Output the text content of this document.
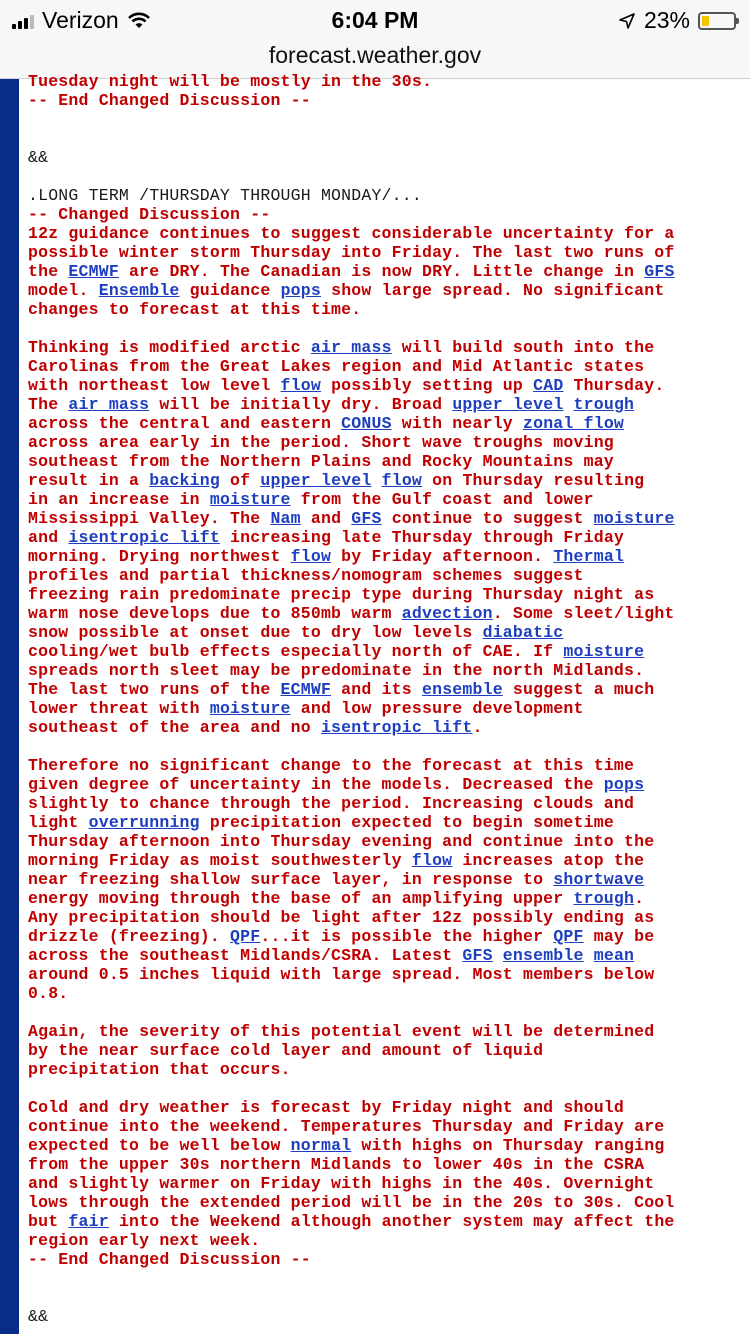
Verizon	6:04 PM	23%
forecast.weather.gov
Tuesday night will be mostly in the 30s.
-- End Changed Discussion --

&&

.LONG TERM /THURSDAY THROUGH MONDAY/...
-- Changed Discussion --
12z guidance continues to suggest considerable uncertainty for a
possible winter storm Thursday into Friday. The last two runs of
the ECMWF are DRY. The Canadian is now DRY. Little change in GFS
model. Ensemble guidance pops show large spread. No significant
changes to forecast at this time.

Thinking is modified arctic air mass will build south into the
Carolinas from the Great Lakes region and Mid Atlantic states
with northeast low level flow possibly setting up CAD Thursday.
The air mass will be initially dry. Broad upper level trough
across the central and eastern CONUS with nearly zonal flow
across area early in the period. Short wave troughs moving
southeast from the Northern Plains and Rocky Mountains may
result in a backing of upper level flow on Thursday resulting
in an increase in moisture from the Gulf coast and lower
Mississippi Valley. The Nam and GFS continue to suggest moisture
and isentropic lift increasing late Thursday through Friday
morning. Drying northwest flow by Friday afternoon. Thermal
profiles and partial thickness/nomogram schemes suggest
freezing rain predominate precip type during Thursday night as
warm nose develops due to 850mb warm advection. Some sleet/light
snow possible at onset due to dry low levels diabatic
cooling/wet bulb effects especially north of CAE. If moisture
spreads north sleet may be predominate in the north Midlands.
The last two runs of the ECMWF and its ensemble suggest a much
lower threat with moisture and low pressure development
southeast of the area and no isentropic lift.

Therefore no significant change to the forecast at this time
given degree of uncertainty in the models. Decreased the pops
slightly to chance through the period. Increasing clouds and
light overrunning precipitation expected to begin sometime
Thursday afternoon into Thursday evening and continue into the
morning Friday as moist southwesterly flow increases atop the
near freezing shallow surface layer, in response to shortwave
energy moving through the base of an amplifying upper trough.
Any precipitation should be light after 12z possibly ending as
drizzle (freezing). QPF...it is possible the higher QPF may be
across the southeast Midlands/CSRA. Latest GFS ensemble mean
around 0.5 inches liquid with large spread. Most members below
0.8.

Again, the severity of this potential event will be determined
by the near surface cold layer and amount of liquid
precipitation that occurs.

Cold and dry weather is forecast by Friday night and should
continue into the weekend. Temperatures Thursday and Friday are
expected to be well below normal with highs on Thursday ranging
from the upper 30s northern Midlands to lower 40s in the CSRA
and slightly warmer on Friday with highs in the 40s. Overnight
lows through the extended period will be in the 20s to 30s. Cool
but fair into the Weekend although another system may affect the
region early next week.
-- End Changed Discussion --

&&
